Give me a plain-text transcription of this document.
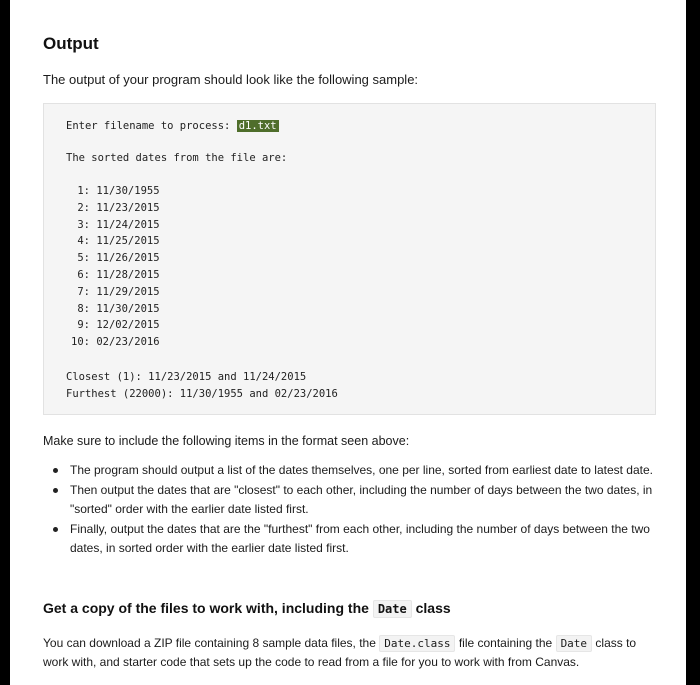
Output

The output of your program should look like the following sample:

Enter filename to process: d1.txt
The sorted dates from the file are:
1: 11/30/1955
2: 11/23/2015
3: 11/24/2015
4: 11/25/2015
5: 11/26/2015
6: 11/28/2015
7: 11/29/2015
8: 11/30/2015
9: 12/02/2015
10: 02/23/2016
Closest (1): 11/23/2015 and 11/24/2015
Furthest (22000): 11/30/1955 and 02/23/2016

Make sure to include the following items in the format seen above:

The program should output a list of the dates themselves, one per line, sorted from earliest date to latest date.
Then output the dates that are "closest" to each other, including the number of days between the two dates, in "sorted" order with the earlier date listed first.
Finally, output the dates that are the "furthest" from each other, including the number of days between the two dates, in sorted order with the earlier date listed first.
Get a copy of the files to work with, including the Date class

You can download a ZIP file containing 8 sample data files, the Date.class file containing the Date class to work with, and starter code that sets up the code to read from a file for you to work with from Canvas.
